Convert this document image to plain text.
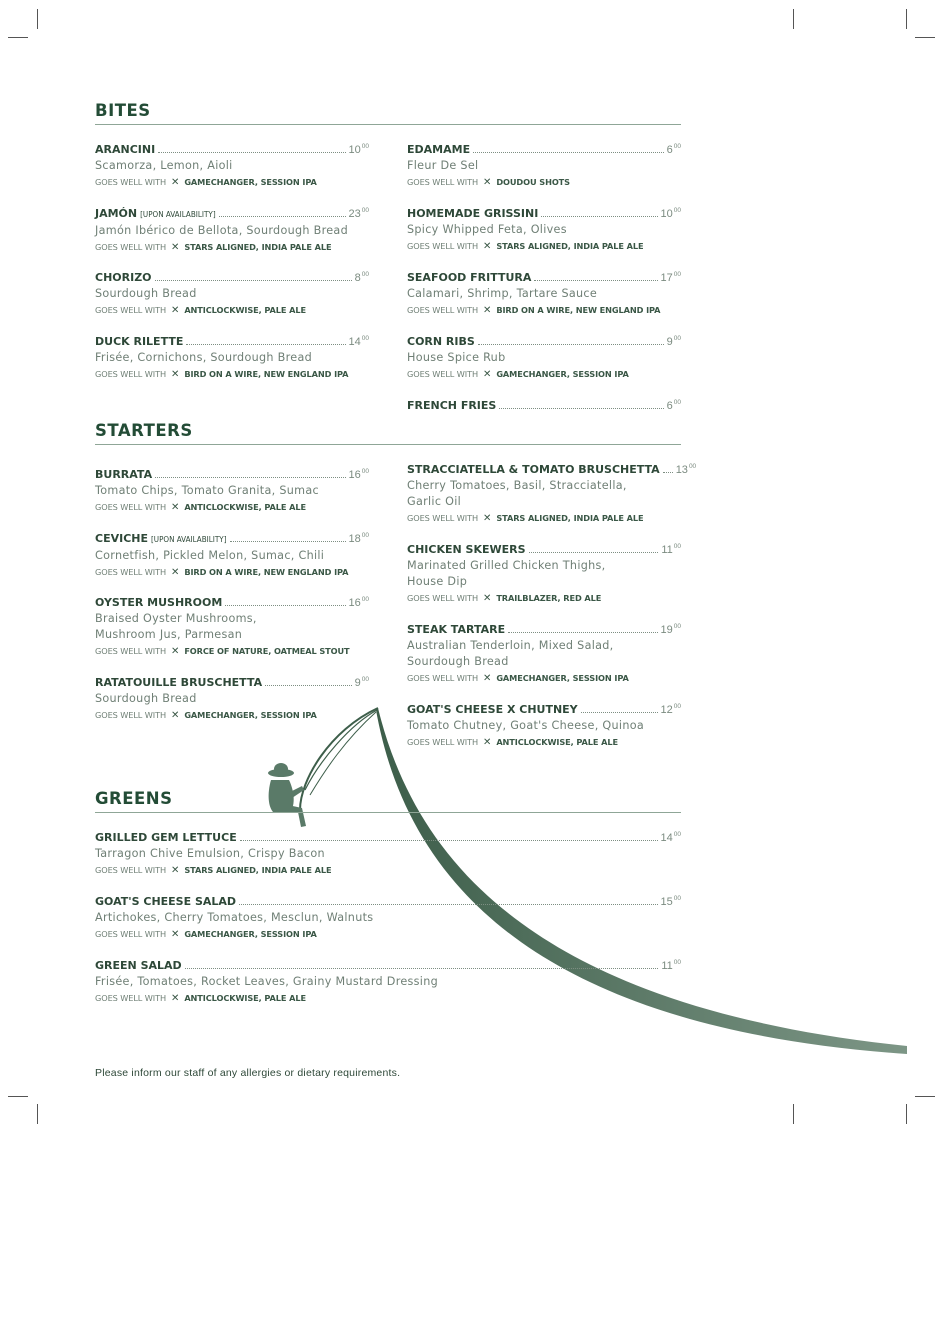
BITES
ARANCINI	$10^{00}$
Scamorza, Lemon, Aioli
GOES WELL WITH ✕ GAMECHANGER, SESSION IPA
JAMÓN [UPON AVAILABILITY]	$23^{00}$
Jamón Ibérico de Bellota, Sourdough Bread
GOES WELL WITH ✕ STARS ALIGNED, INDIA PALE ALE
CHORIZO	$8^{00}$
Sourdough Bread
GOES WELL WITH ✕ ANTICLOCKWISE, PALE ALE
DUCK RILETTE	$14^{00}$
Frisée, Cornichons, Sourdough Bread
GOES WELL WITH ✕ BIRD ON A WIRE, NEW ENGLAND IPA
EDAMAME	$6^{00}$
Fleur De Sel
GOES WELL WITH ✕ DOUDOU SHOTS
HOMEMADE GRISSINI	$10^{00}$
Spicy Whipped Feta, Olives
GOES WELL WITH ✕ STARS ALIGNED, INDIA PALE ALE
SEAFOOD FRITTURA	$17^{00}$
Calamari, Shrimp, Tartare Sauce
GOES WELL WITH ✕ BIRD ON A WIRE, NEW ENGLAND IPA
CORN RIBS	$9^{00}$
House Spice Rub
GOES WELL WITH ✕ GAMECHANGER, SESSION IPA
FRENCH FRIES	$6^{00}$
STARTERS
BURRATA	$16^{00}$
Tomato Chips, Tomato Granita, Sumac
GOES WELL WITH ✕ ANTICLOCKWISE, PALE ALE
CEVICHE [UPON AVAILABILITY]	$18^{00}$
Cornetfish, Pickled Melon, Sumac, Chili
GOES WELL WITH ✕ BIRD ON A WIRE, NEW ENGLAND IPA
OYSTER MUSHROOM	$16^{00}$
Braised Oyster Mushrooms,
Mushroom Jus, Parmesan
GOES WELL WITH ✕ FORCE OF NATURE, OATMEAL STOUT
RATATOUILLE BRUSCHETTA	$9^{00}$
Sourdough Bread
GOES WELL WITH ✕ GAMECHANGER, SESSION IPA
STRACCIATELLA & TOMATO BRUSCHETTA $13^{00}$
Cherry Tomatoes, Basil, Stracciatella,
Garlic Oil
GOES WELL WITH ✕ STARS ALIGNED, INDIA PALE ALE
CHICKEN SKEWERS	$11^{00}$
Marinated Grilled Chicken Thighs,
House Dip
GOES WELL WITH ✕ TRAILBLAZER, RED ALE
STEAK TARTARE	$19^{00}$
Australian Tenderloin, Mixed Salad,
Sourdough Bread
GOES WELL WITH ✕ GAMECHANGER, SESSION IPA
GOAT'S CHEESE X CHUTNEY	$12^{00}$
Tomato Chutney, Goat's Cheese, Quinoa
GOES WELL WITH ✕ ANTICLOCKWISE, PALE ALE
GREENS
GRILLED GEM LETTUCE	$14^{00}$
Tarragon Chive Emulsion, Crispy Bacon
GOES WELL WITH ✕ STARS ALIGNED, INDIA PALE ALE
GOAT'S CHEESE SALAD	$15^{00}$
Artichokes, Cherry Tomatoes, Mesclun, Walnuts
GOES WELL WITH ✕ GAMECHANGER, SESSION IPA
GREEN SALAD	$11^{00}$
Frisée, Tomatoes, Rocket Leaves, Grainy Mustard Dressing
GOES WELL WITH ✕ ANTICLOCKWISE, PALE ALE
Please inform our staff of any allergies or dietary requirements.
